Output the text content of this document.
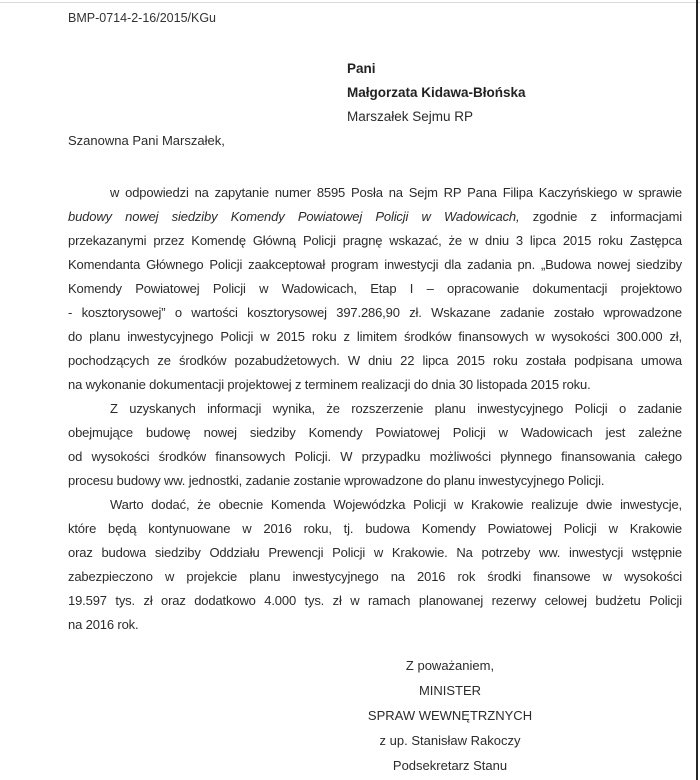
BMP-0714-2-16/2015/KGu
Pani
Małgorzata Kidawa-Błońska
Marszałek Sejmu RP
Szanowna Pani Marszałek,
w odpowiedzi na zapytanie numer 8595 Posła na Sejm RP Pana Filipa Kaczyńskiego w sprawie
budowy nowej siedziby Komendy Powiatowej Policji w Wadowicach, zgodnie z informacjami
przekazanymi przez Komendę Główną Policji pragnę wskazać, że w dniu 3 lipca 2015 roku Zastępca
Komendanta Głównego Policji zaakceptował program inwestycji dla zadania pn. „Budowa nowej siedziby
Komendy Powiatowej Policji w Wadowicach, Etap I – opracowanie dokumentacji projektowo
- kosztorysowej” o wartości kosztorysowej 397.286,90 zł. Wskazane zadanie zostało wprowadzone
do planu inwestycyjnego Policji w 2015 roku z limitem środków finansowych w wysokości 300.000 zł,
pochodzących ze środków pozabudżetowych. W dniu 22 lipca 2015 roku została podpisana umowa
na wykonanie dokumentacji projektowej z terminem realizacji do dnia 30 listopada 2015 roku.
Z uzyskanych informacji wynika, że rozszerzenie planu inwestycyjnego Policji o zadanie
obejmujące budowę nowej siedziby Komendy Powiatowej Policji w Wadowicach jest zależne
od wysokości środków finansowych Policji. W przypadku możliwości płynnego finansowania całego
procesu budowy ww. jednostki, zadanie zostanie wprowadzone do planu inwestycyjnego Policji.
Warto dodać, że obecnie Komenda Wojewódzka Policji w Krakowie realizuje dwie inwestycje,
które będą kontynuowane w 2016 roku, tj. budowa Komendy Powiatowej Policji w Krakowie
oraz budowa siedziby Oddziału Prewencji Policji w Krakowie. Na potrzeby ww. inwestycji wstępnie
zabezpieczono w projekcie planu inwestycyjnego na 2016 rok środki finansowe w wysokości
19.597 tys. zł oraz dodatkowo 4.000 tys. zł w ramach planowanej rezerwy celowej budżetu Policji
na 2016 rok.
Z poważaniem,
MINISTER
SPRAW WEWNĘTRZNYCH
z up. Stanisław Rakoczy
Podsekretarz Stanu
